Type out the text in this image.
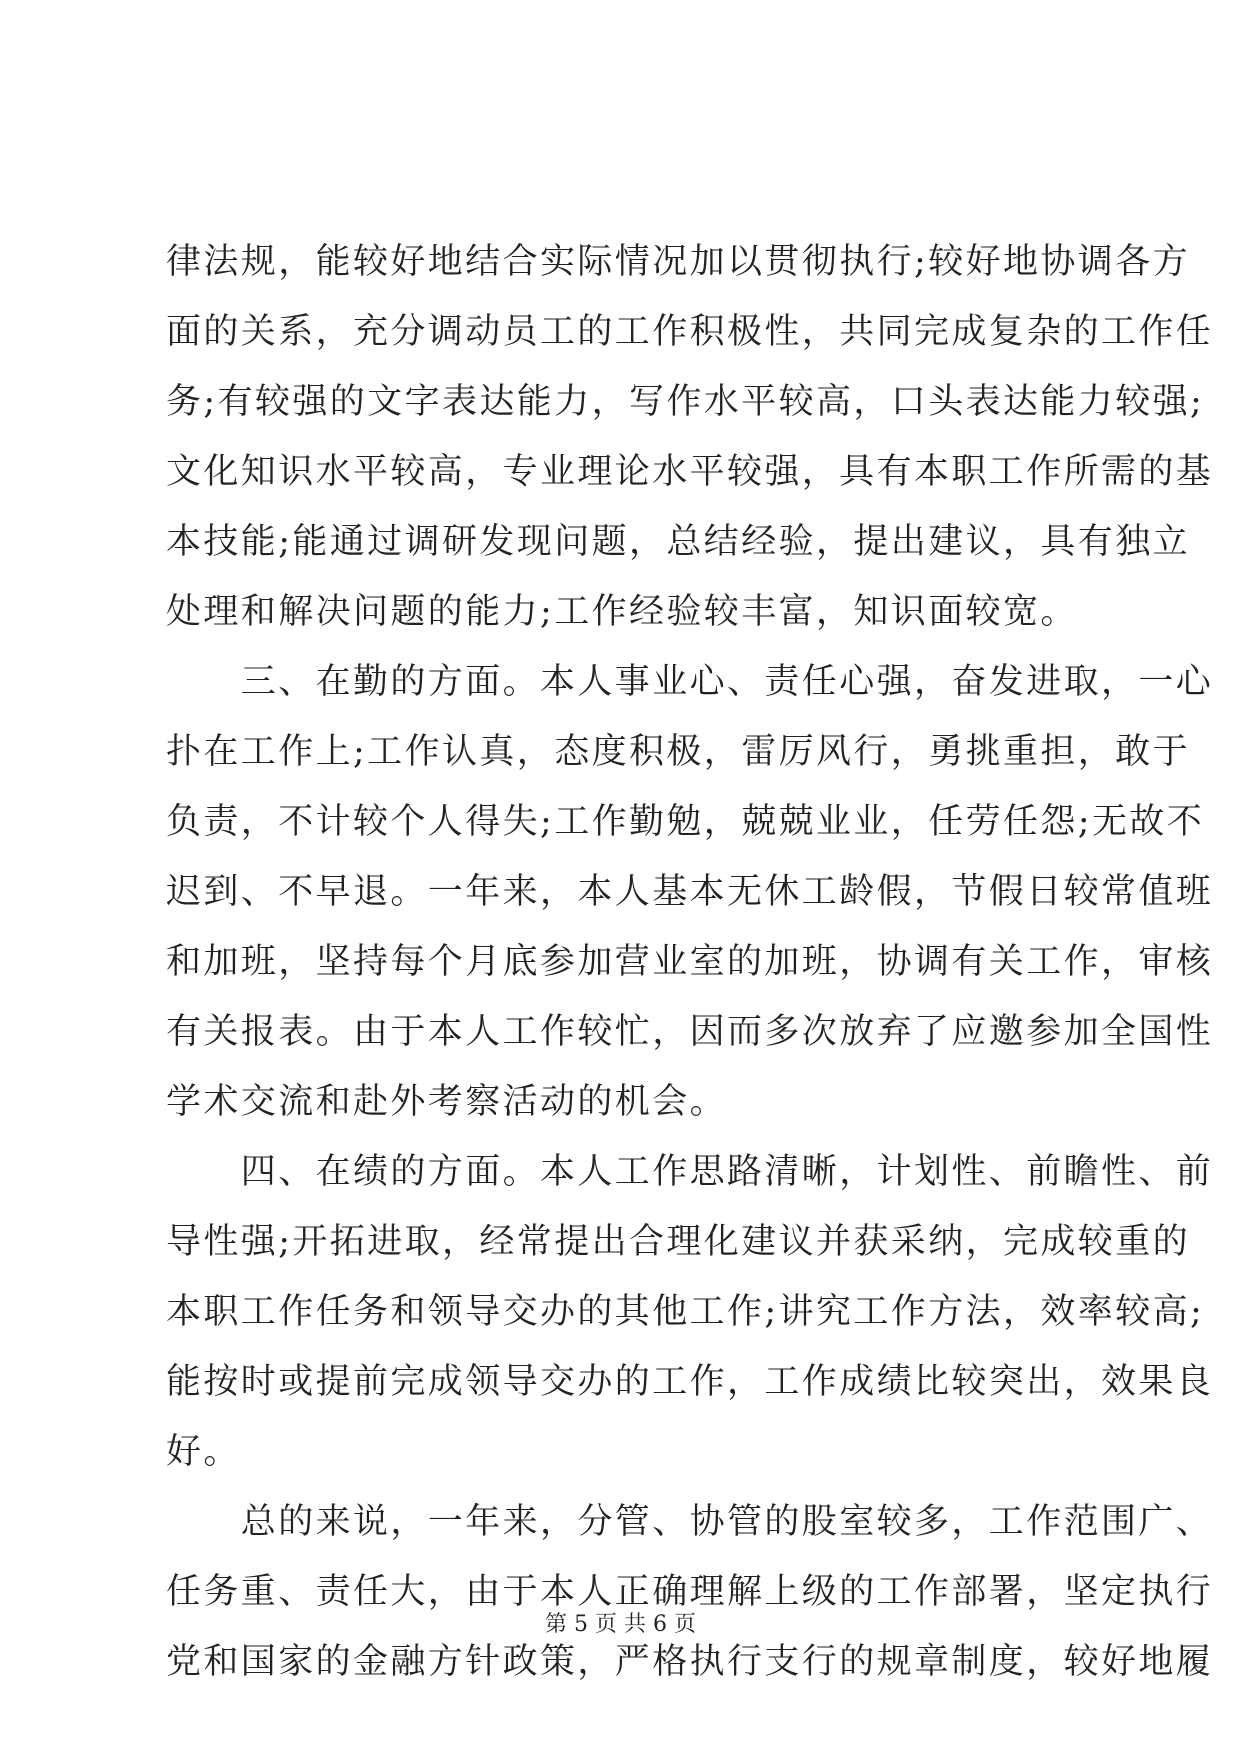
律法规，能较好地结合实际情况加以贯彻执行;较好地协调各方
面的关系，充分调动员工的工作积极性，共同完成复杂的工作任
务;有较强的文字表达能力，写作水平较高，口头表达能力较强;
文化知识水平较高，专业理论水平较强，具有本职工作所需的基
本技能;能通过调研发现问题，总结经验，提出建议，具有独立
处理和解决问题的能力;工作经验较丰富，知识面较宽。
　　三、在勤的方面。本人事业心、责任心强，奋发进取，一心
扑在工作上;工作认真，态度积极，雷厉风行，勇挑重担，敢于
负责，不计较个人得失;工作勤勉，兢兢业业，任劳任怨;无故不
迟到、不早退。一年来，本人基本无休工龄假，节假日较常值班
和加班，坚持每个月底参加营业室的加班，协调有关工作，审核
有关报表。由于本人工作较忙，因而多次放弃了应邀参加全国性
学术交流和赴外考察活动的机会。
　　四、在绩的方面。本人工作思路清晰，计划性、前瞻性、前
导性强;开拓进取，经常提出合理化建议并获采纳，完成较重的
本职工作任务和领导交办的其他工作;讲究工作方法，效率较高;
能按时或提前完成领导交办的工作，工作成绩比较突出，效果良
好。
　　总的来说，一年来，分管、协管的股室较多，工作范围广、
任务重、责任大，由于本人正确理解上级的工作部署，坚定执行
党和国家的金融方针政策，严格执行支行的规章制度，较好地履
第 5 页 共 6 页
